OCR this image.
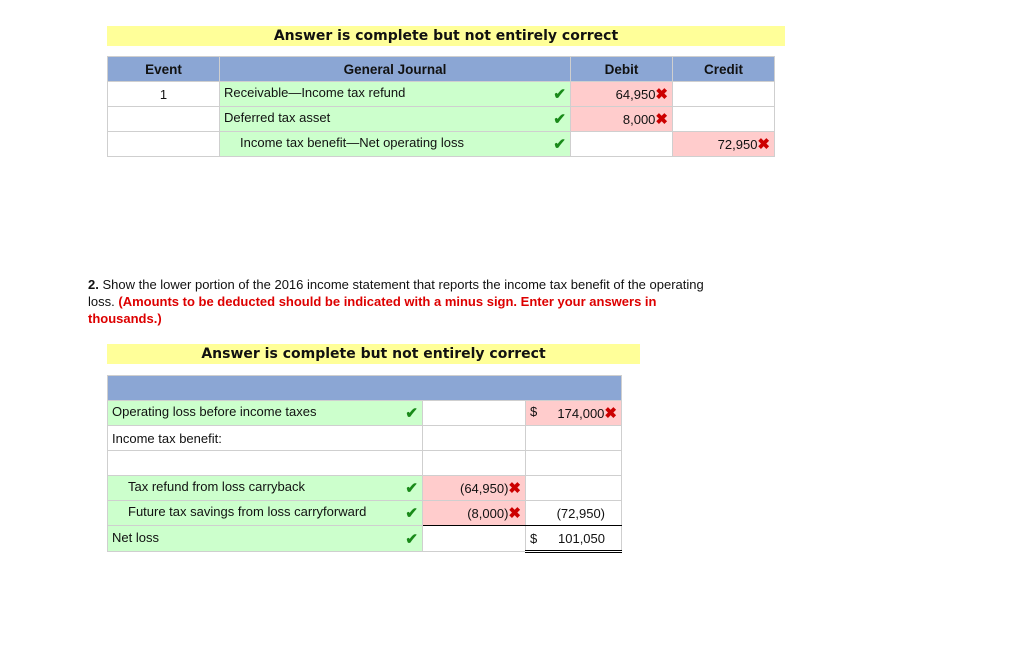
Answer is complete but not entirely correct
Event	General Journal	Debit	Credit
1	Receivable—Income tax refund ✔	64,950✖	
	Deferred tax asset ✔	8,000✖	
	Income tax benefit—Net operating loss ✔		72,950✖
2. Show the lower portion of the 2016 income statement that reports the income tax benefit of the operating loss. (Amounts to be deducted should be indicated with a minus sign. Enter your answers in thousands.)
Answer is complete but not entirely correct

Operating loss before income taxes ✔		$ 174,000✖
Income tax benefit:		

Tax refund from loss carryback ✔	(64,950)✖	
Future tax savings from loss carryforward ✔	(8,000)✖	(72,950)
Net loss ✔		$ 101,050
